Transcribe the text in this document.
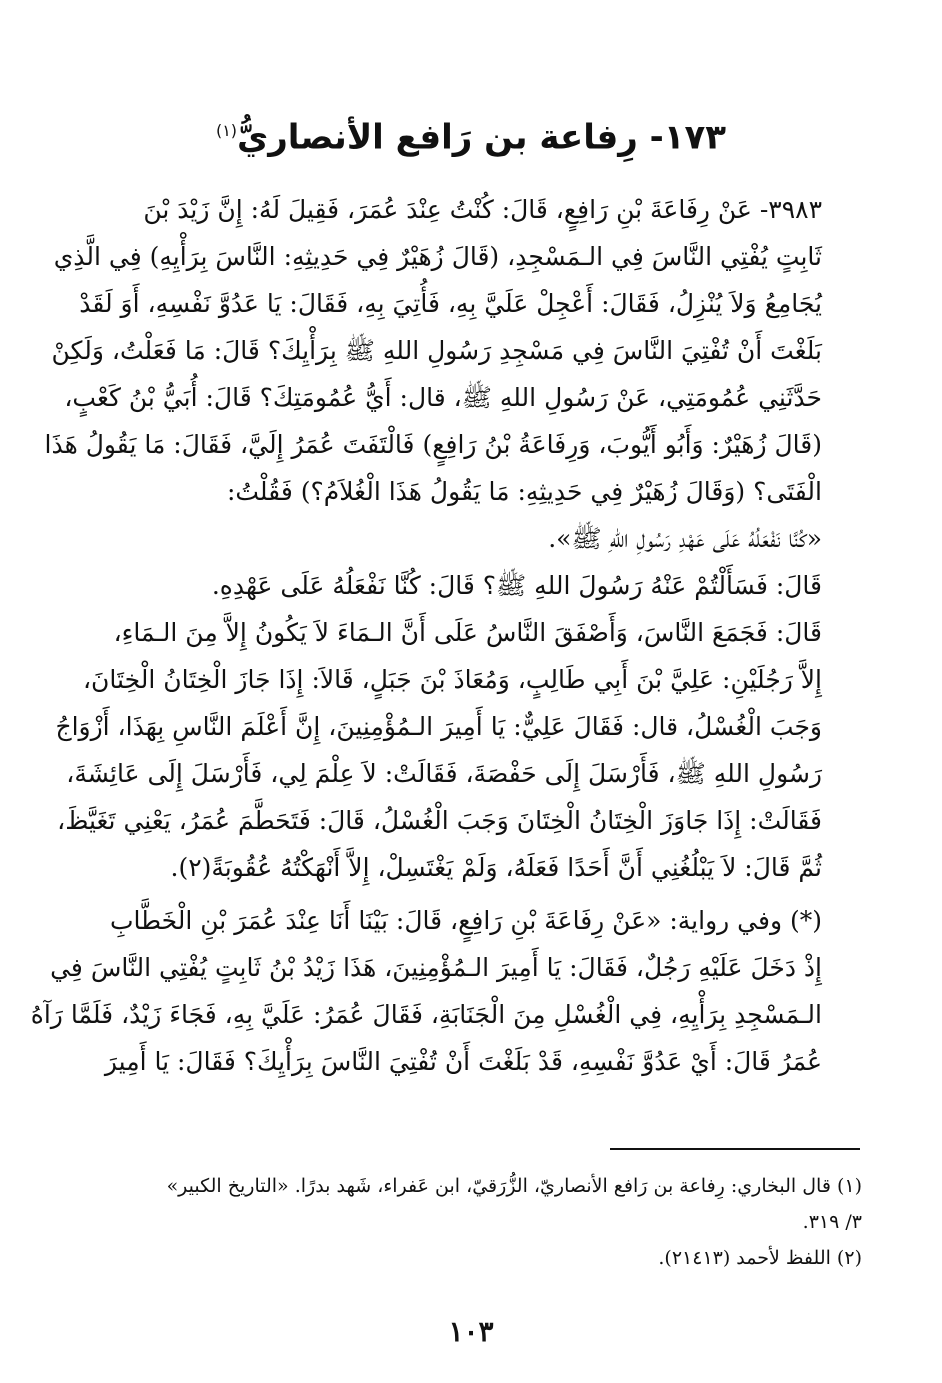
١٧٣- رِفاعة بن رَافع الأنصاريُّ$^{(١)}$
٣٩٨٣- عَنْ رِفَاعَةَ بْنِ رَافِعٍ، قَالَ: كُنْتُ عِنْدَ عُمَرَ، فَقِيلَ لَهُ: إِنَّ زَيْدَ بْنَ
ثَابِتٍ يُفْتِي النَّاسَ فِي الـمَسْجِدِ، (قَالَ زُهَيْرٌ فِي حَدِيثِهِ: النَّاسَ بِرَأْيِهِ) فِي الَّذِي
يُجَامِعُ وَلاَ يُنْزِلُ، فَقَالَ: أَعْجِلْ عَلَيَّ بِهِ، فَأُتِيَ بِهِ، فَقَالَ: يَا عَدُوَّ نَفْسِهِ، أَوَ لَقَدْ
بَلَغْتَ أَنْ تُفْتِيَ النَّاسَ فِي مَسْجِدِ رَسُولِ اللهِ ﷺ بِرَأْيِكَ؟ قَالَ: مَا فَعَلْتُ، وَلَكِنْ
حَدَّثَنِي عُمُومَتِي، عَنْ رَسُولِ اللهِ ﷺ، قال: أَيُّ عُمُومَتِكَ؟ قَالَ: أُبَيُّ بْنُ كَعْبٍ،
(قَالَ زُهَيْرٌ: وَأَبُو أَيُّوبَ، وَرِفَاعَةُ بْنُ رَافِعٍ) فَالْتَفَتَ عُمَرُ إِلَيَّ، فَقَالَ: مَا يَقُولُ هَذَا
الْفَتَى؟ (وَقَالَ زُهَيْرٌ فِي حَدِيثِهِ: مَا يَقُولُ هَذَا الْغُلاَمُ؟) فَقُلْتُ:
«كُنَّا نَفْعَلُهُ عَلَى عَهْدِ رَسُولِ اللهِ ﷺ».
قَالَ: فَسَأَلْتُمْ عَنْهُ رَسُولَ اللهِ ﷺ؟ قَالَ: كُنَّا نَفْعَلُهُ عَلَى عَهْدِهِ.
قَالَ: فَجَمَعَ النَّاسَ، وَأَصْفَقَ النَّاسُ عَلَى أَنَّ الـمَاءَ لاَ يَكُونُ إِلاَّ مِنَ الـمَاءِ،
إِلاَّ رَجُلَيْنِ: عَلِيَّ بْنَ أَبِي طَالِبٍ، وَمُعَاذَ بْنَ جَبَلٍ، قَالاَ: إِذَا جَازَ الْخِتَانُ الْخِتَانَ،
وَجَبَ الْغُسْلُ، قال: فَقَالَ عَلِيٌّ: يَا أَمِيرَ الـمُؤْمِنِينَ، إِنَّ أَعْلَمَ النَّاسِ بِهَذَا، أَزْوَاجُ
رَسُولِ اللهِ ﷺ، فَأَرْسَلَ إِلَى حَفْصَةَ، فَقَالَتْ: لاَ عِلْمَ لِي، فَأَرْسَلَ إِلَى عَائِشَةَ،
فَقَالَتْ: إِذَا جَاوَزَ الْخِتَانُ الْخِتَانَ وَجَبَ الْغُسْلُ، قَالَ: فَتَحَطَّمَ عُمَرُ، يَعْنِي تَغَيَّظَ،
ثُمَّ قَالَ: لاَ يَبْلُغُنِي أَنَّ أَحَدًا فَعَلَهُ، وَلَمْ يَغْتَسِلْ، إِلاَّ أَنْهَكْتُهُ عُقُوبَةً(٢).
(*) وفي رواية: «عَنْ رِفَاعَةَ بْنِ رَافِعٍ، قَالَ: بَيْنَا أَنَا عِنْدَ عُمَرَ بْنِ الْخَطَّابِ
إِذْ دَخَلَ عَلَيْهِ رَجُلٌ، فَقَالَ: يَا أَمِيرَ الـمُؤْمِنِينَ، هَذَا زَيْدُ بْنُ ثَابِتٍ يُفْتِي النَّاسَ فِي
الـمَسْجِدِ بِرَأْيِهِ، فِي الْغُسْلِ مِنَ الْجَنَابَةِ، فَقَالَ عُمَرُ: عَلَيَّ بِهِ، فَجَاءَ زَيْدٌ، فَلَمَّا رَآهُ
عُمَرُ قَالَ: أَيْ عَدُوَّ نَفْسِهِ، قَدْ بَلَغْتَ أَنْ تُفْتِيَ النَّاسَ بِرَأْيِكَ؟ فَقَالَ: يَا أَمِيرَ
(١) قال البخاري: رِفاعة بن رَافع الأنصاريّ، الزُّرَقيّ، ابن عَفراء، شَهد بدرًا. «التاريخ الكبير»
٣/ ٣١٩.
(٢) اللفظ لأحمد (٢١٤١٣).
١٠٣
